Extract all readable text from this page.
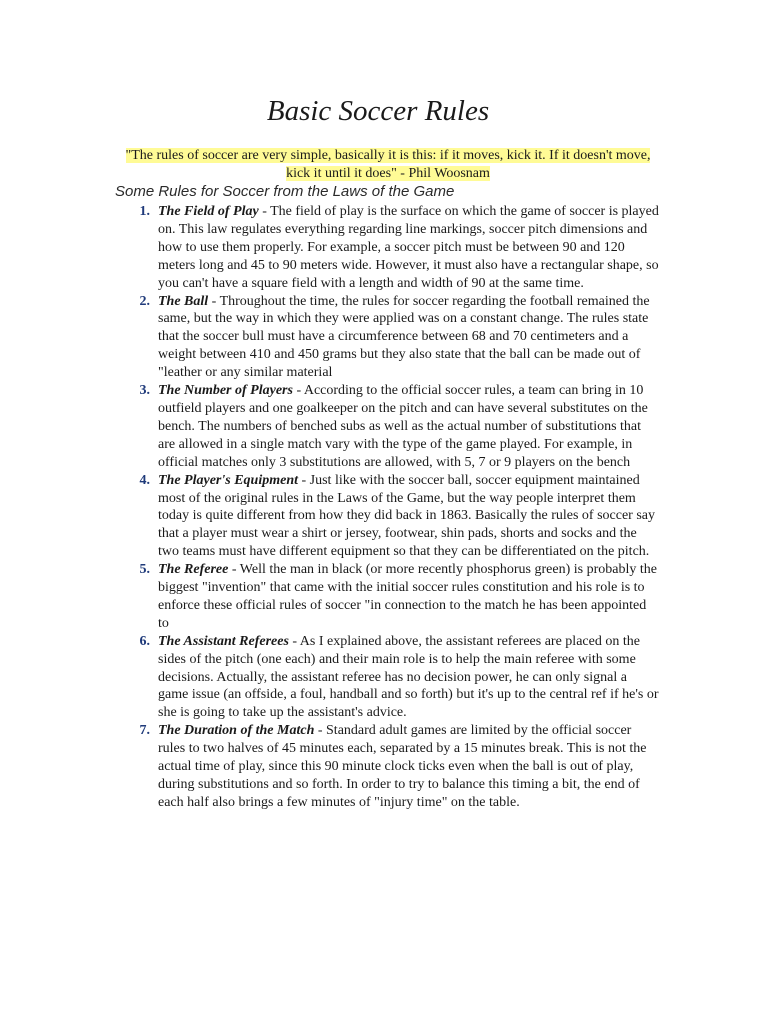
Basic Soccer Rules

"The rules of soccer are very simple, basically it is this: if it moves, kick it. If it doesn't move, kick it until it does" - Phil Woosnam

Some Rules for Soccer from the Laws of the Game

1. The Field of Play - The field of play is the surface on which the game of soccer is played on. This law regulates everything regarding line markings, soccer pitch dimensions and how to use them properly. For example, a soccer pitch must be between 90 and 120 meters long and 45 to 90 meters wide. However, it must also have a rectangular shape, so you can't have a square field with a length and width of 90 at the same time.
2. The Ball - Throughout the time, the rules for soccer regarding the football remained the same, but the way in which they were applied was on a constant change. The rules state that the soccer bull must have a circumference between 68 and 70 centimeters and a weight between 410 and 450 grams but they also state that the ball can be made out of "leather or any similar material
3. The Number of Players - According to the official soccer rules, a team can bring in 10 outfield players and one goalkeeper on the pitch and can have several substitutes on the bench. The numbers of benched subs as well as the actual number of substitutions that are allowed in a single match vary with the type of the game played. For example, in official matches only 3 substitutions are allowed, with 5, 7 or 9 players on the bench
4. The Player's Equipment - Just like with the soccer ball, soccer equipment maintained most of the original rules in the Laws of the Game, but the way people interpret them today is quite different from how they did back in 1863. Basically the rules of soccer say that a player must wear a shirt or jersey, footwear, shin pads, shorts and socks and the two teams must have different equipment so that they can be differentiated on the pitch.
5. The Referee - Well the man in black (or more recently phosphorus green) is probably the biggest "invention" that came with the initial soccer rules constitution and his role is to enforce these official rules of soccer "in connection to the match he has been appointed to
6. The Assistant Referees - As I explained above, the assistant referees are placed on the sides of the pitch (one each) and their main role is to help the main referee with some decisions. Actually, the assistant referee has no decision power, he can only signal a game issue (an offside, a foul, handball and so forth) but it's up to the central ref if he's or she is going to take up the assistant's advice.
7. The Duration of the Match - Standard adult games are limited by the official soccer rules to two halves of 45 minutes each, separated by a 15 minutes break. This is not the actual time of play, since this 90 minute clock ticks even when the ball is out of play, during substitutions and so forth. In order to try to balance this timing a bit, the end of each half also brings a few minutes of "injury time" on the table.
